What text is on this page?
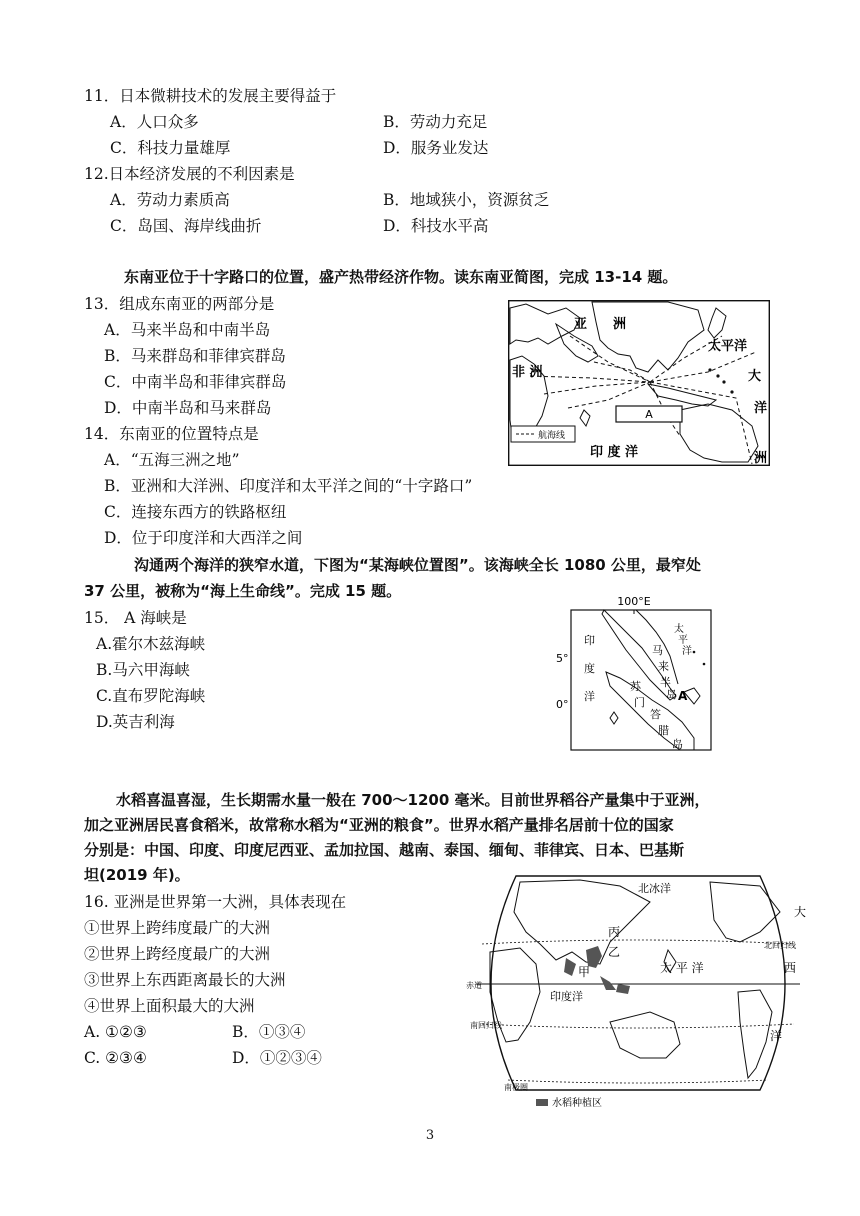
11．日本微耕技术的发展主要得益于
A．人口众多	B．劳动力充足
C．科技力量雄厚	D．服务业发达
12.日本经济发展的不利因素是
A．劳动力素质高	B．地域狭小，资源贫乏
C．岛国、海岸线曲折	D．科技水平高
东南亚位于十字路口的位置，盛产热带经济作物。读东南亚简图，完成 13-14 题。
13．组成东南亚的两部分是
A．马来半岛和中南半岛
B．马来群岛和菲律宾群岛
C．中南半岛和菲律宾群岛
D．中南半岛和马来群岛
14．东南亚的位置特点是
A．“五海三洲之地”
B．亚洲和大洋洲、印度洋和太平洋之间的“十字路口”
C．连接东西方的铁路枢纽
D．位于印度洋和大西洋之间
A
亚　　洲
非 洲
印 度 洋
太平洋
大
洋
洲
航海线
沟通两个海洋的狭窄水道，下图为“某海峡位置图”。该海峡全长 1080 公里，最窄处
37 公里，被称为“海上生命线”。完成 15 题。
15． A 海峡是
A.霍尔木兹海峡
B.马六甲海峡
C.直布罗陀海峡
D.英吉利海
100°E
5°
0°
印
度
洋
太
平
洋
马
来
半
岛
苏
门
答
腊
岛
A
水稻喜温喜湿，生长期需水量一般在 700～1200 毫米。目前世界稻谷产量集中于亚洲，
加之亚洲居民喜食稻米，故常称水稻为“亚洲的粮食”。世界水稻产量排名居前十位的国家
分别是：中国、印度、印度尼西亚、孟加拉国、越南、泰国、缅甸、菲律宾、日本、巴基斯
坦(2019 年)。
16. 亚洲是世界第一大洲，具体表现在
①世界上跨纬度最广的大洲
②世界上跨经度最广的大洲
③世界上东西距离最长的大洲
④世界上面积最大的大洲
A. ①②③	B．①③④
C. ②③④	D．①②③④
北冰洋
大
西
洋
北回归线
太 平 洋
赤道
南回归线
南极圈
印度洋
丙
乙
甲
水稻种植区
3
